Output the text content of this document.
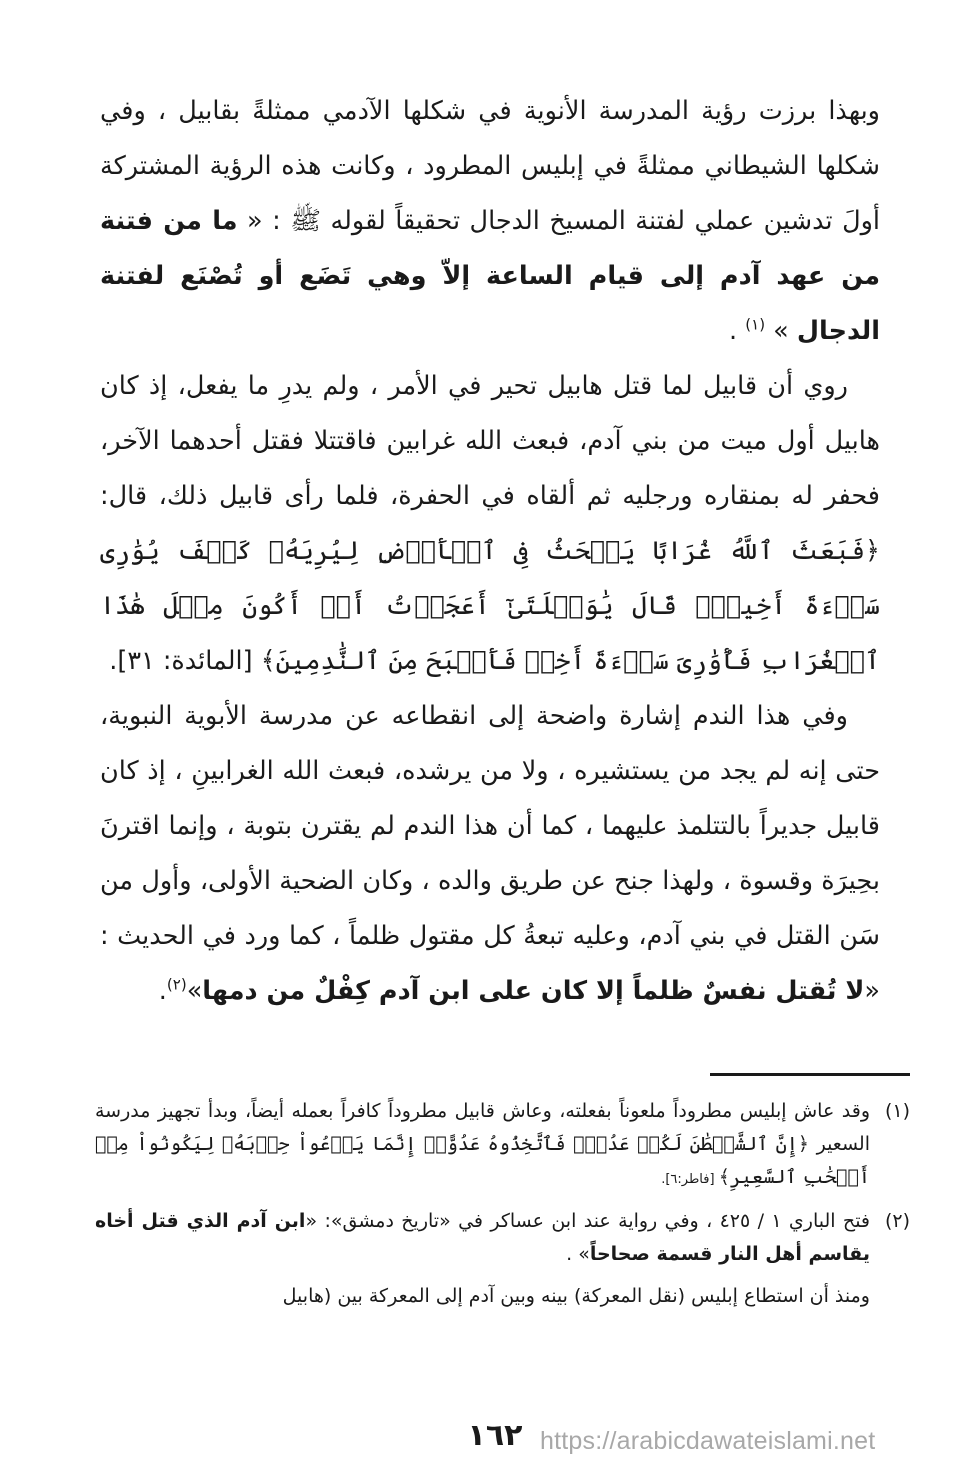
وبهذا برزت رؤية المدرسة الأنوية في شكلها الآدمي ممثلةً بقابيل ، وفي شكلها الشيطاني ممثلةً في إبليس المطرود ، وكانت هذه الرؤية المشتركة أولَ تدشين عملي لفتنة المسيخ الدجال تحقيقاً لقوله ﷺ : « ما من فتنة من عهد آدم إلى قيام الساعة إلاّ وهي تَضَع أو تُصْنَع لفتنة الدجال » $^{(١)}$ .

روي أن قابيل لما قتل هابيل تحير في الأمر ، ولم يدرِ ما يفعل، إذ كان هابيل أول ميت من بني آدم، فبعث الله غرابين فاقتتلا فقتل أحدهما الآخر، فحفر له بمنقاره ورجليه ثم ألقاه في الحفرة، فلما رأى قابيل ذلك، قال: ﴿فَبَعَثَ ٱللَّهُ غُرَابًا يَبۡحَثُ فِى ٱلۡأَرۡضِ لِيُرِيَهُۥ كَيۡفَ يُوَٰرِى سَوۡءَةَ أَخِيهِۚ قَالَ يَٰوَيۡلَتَىٰٓ أَعَجَزۡتُ أَنۡ أَكُونَ مِثۡلَ هَٰذَا ٱلۡغُرَابِ فَأُوَٰرِىَ سَوۡءَةَ أَخِىۖ فَأَصۡبَحَ مِنَ ٱلنَّٰدِمِينَ﴾ [المائدة: ٣١].

وفي هذا الندم إشارة واضحة إلى انقطاعه عن مدرسة الأبوية النبوية، حتى إنه لم يجد من يستشيره ، ولا من يرشده، فبعث الله الغرابينِ ، إذ كان قابيل جديراً بالتتلمذ عليهما ، كما أن هذا الندم لم يقترن بتوبة ، وإنما اقترنَ بحِيرَة وقسوة ، ولهذا جنح عن طريق والده ، وكان الضحية الأولى، وأول من سَن القتل في بني آدم، وعليه تبعةُ كل مقتول ظلماً ، كما ورد في الحديث : «لا تُقتل نفسٌ ظلماً إلا كان على ابن آدم كِفْلٌ من دمها»$^{(٢)}$.

(١)
وقد عاش إبليس مطروداً ملعوناً بفعلته، وعاش قابيل مطروداً كافراً بعمله أيضاً، وبدأ تجهيز مدرسة السعير ﴿إِنَّ ٱلشَّيۡطَٰنَ لَكُمۡ عَدُوّٞ فَٱتَّخِذُوهُ عَدُوًّاۚ إِنَّمَا يَدۡعُواْ حِزۡبَهُۥ لِيَكُونُواْ مِنۡ أَصۡحَٰبِ ٱلسَّعِيرِ﴾ [فاطر:٦].
(٢)
فتح الباري ١ / ٤٢٥ ، وفي رواية عند ابن عساكر في «تاريخ دمشق»: «ابن آدم الذي قتل أخاه يقاسم أهل النار قسمة صحاحاً» .

ومنذ أن استطاع إبليس (نقل المعركة) بينه وبين آدم إلى المعركة بين (هابيل

١٦٢ https://arabicdawateislami.net
